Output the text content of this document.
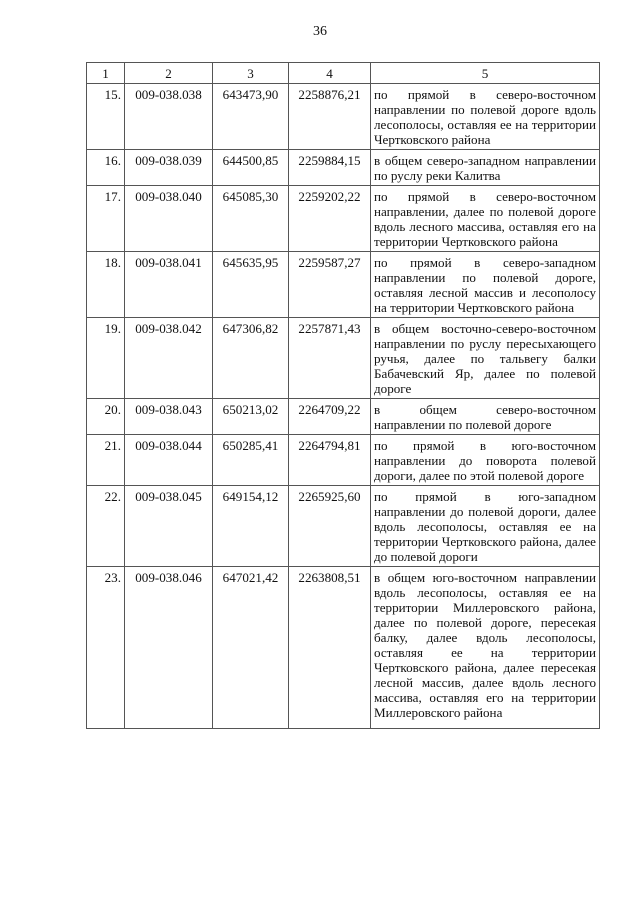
36
1	2	3	4	5
15.	009-038.038	643473,90	2258876,21	по прямой в северо-восточном направлении по полевой дороге вдоль лесополосы, оставляя ее на территории Чертковского района
16.	009-038.039	644500,85	2259884,15	в общем северо-западном направлении по руслу реки Калитва
17.	009-038.040	645085,30	2259202,22	по прямой в северо-восточном направлении, далее по полевой дороге вдоль лесного массива, оставляя его на территории Чертковского района
18.	009-038.041	645635,95	2259587,27	по прямой в северо-западном направлении по полевой дороге, оставляя лесной массив и лесополосу на территории Чертковского района
19.	009-038.042	647306,82	2257871,43	в общем восточно-северо-восточном направлении по руслу пересыхающего ручья, далее по тальвегу балки Бабачевский Яр, далее по полевой дороге
20.	009-038.043	650213,02	2264709,22	в общем северо-восточном направлении по полевой дороге
21.	009-038.044	650285,41	2264794,81	по прямой в юго-восточном направлении до поворота полевой дороги, далее по этой полевой дороге
22.	009-038.045	649154,12	2265925,60	по прямой в юго-западном направлении до полевой дороги, далее вдоль лесополосы, оставляя ее на территории Чертковского района, далее до полевой дороги
23.	009-038.046	647021,42	2263808,51	в общем юго-восточном направлении вдоль лесополосы, оставляя ее на территории Миллеровского района, далее по полевой дороге, пересекая балку, далее вдоль лесополосы, оставляя ее на территории Чертковского района, далее пересекая лесной массив, далее вдоль лесного массива, оставляя его на территории Миллеровского района
